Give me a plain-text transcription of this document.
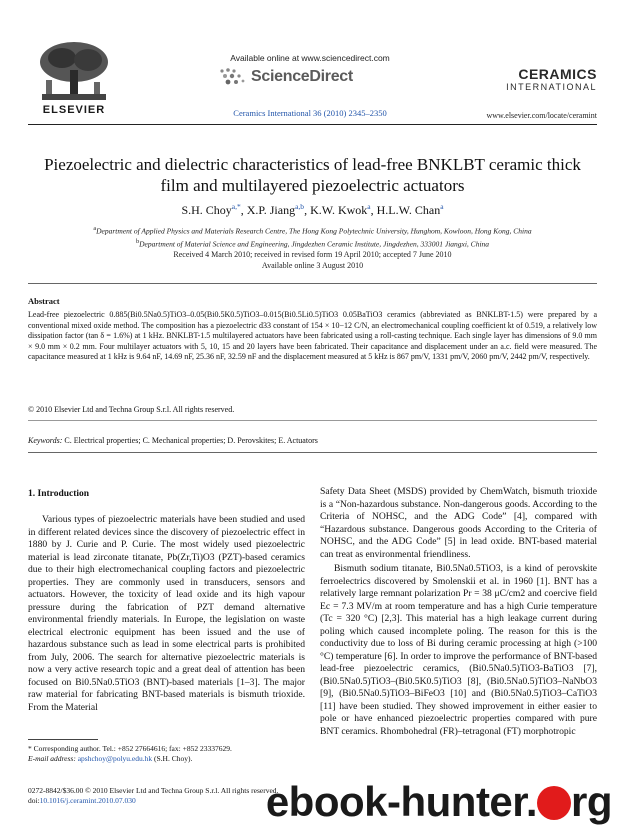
ELSEVIER
Available online at www.sciencedirect.com
ScienceDirect
Ceramics International 36 (2010) 2345–2350
CERAMICS
INTERNATIONAL
www.elsevier.com/locate/ceramint
Piezoelectric and dielectric characteristics of lead-free BNKLBT ceramic thick film and multilayered piezoelectric actuators
S.H. Choy$^{a,*}$, X.P. Jiang$^{a,b}$, K.W. Kwok$^a$, H.L.W. Chan$^a$
$^a$Department of Applied Physics and Materials Research Centre, The Hong Kong Polytechnic University, Hunghom, Kowloon, Hong Kong, China
$^b$Department of Material Science and Engineering, Jingdezhen Ceramic Institute, Jingdezhen, 333001 Jiangxi, China
Received 4 March 2010; received in revised form 19 April 2010; accepted 7 June 2010
Available online 3 August 2010
Abstract
Lead-free piezoelectric 0.885(Bi0.5Na0.5)TiO3–0.05(Bi0.5K0.5)TiO3–0.015(Bi0.5Li0.5)TiO3 0.05BaTiO3 ceramics (abbreviated as BNKLBT-1.5) were prepared by a conventional mixed oxide method. The composition has a piezoelectric d33 constant of 154 × 10−12 C/N, an electromechanical coupling coefficient kt of 0.519, a relatively low dissipation factor (tan δ = 1.6%) at 1 kHz. BNKLBT-1.5 multilayered actuators have been fabricated using a roll-casting technique. Each single layer has dimensions of 9.0 mm × 9.0 mm × 0.2 mm. Four multilayer actuators with 5, 10, 15 and 20 layers have been fabricated. Their capacitance and displacement under an a.c. field were measured. The capacitance measured at 1 kHz is 9.64 nF, 14.69 nF, 25.36 nF, 32.59 nF and the displacement measured at 5 kHz is 867 pm/V, 1331 pm/V, 2060 pm/V, 2442 pm/V, respectively.
© 2010 Elsevier Ltd and Techna Group S.r.l. All rights reserved.
Keywords: C. Electrical properties; C. Mechanical properties; D. Perovskites; E. Actuators
1. Introduction
Various types of piezoelectric materials have been studied and used in different related devices since the discovery of piezoelectric effect in 1880 by J. Curie and P. Curie. The most widely used piezoelectric material is lead zirconate titanate, Pb(Zr,Ti)O3 (PZT)-based ceramics due to their high electromechanical coupling factors and piezoelectric properties. They are commonly used in transducers, sensors and actuators. However, the toxicity of lead oxide and its high vapour pressure during the fabrication of PZT demand alternative environmental friendly materials. In Europe, the legislation on waste electrical electronic equipment has been issued and the use of hazardous substance such as lead in some electrical parts is prohibited from July, 2006. The search for alternative piezoelectric materials is now a very active research topic and a great deal of attention has been focused on Bi0.5Na0.5TiO3 (BNT)-based materials [1–3]. The major raw material for fabricating BNT-based materials is bismuth trioxide. From the Material
Safety Data Sheet (MSDS) provided by ChemWatch, bismuth trioxide is a “Non-hazardous substance. Non-dangerous goods. According to the Criteria of NOHSC, and the ADG Code” [4], compared with “Hazardous substance. Dangerous goods According to the Criteria of NOHSC, and the ADG Code” [5] in lead oxide. BNT-based material can treat as environmental friendliness.
Bismuth sodium titanate, Bi0.5Na0.5TiO3, is a kind of perovskite ferroelectrics discovered by Smolenskii et al. in 1960 [1]. BNT has a relatively large remnant polarization Pr = 38 μC/cm2 and coercive field Ec = 7.3 MV/m at room temperature and has a high Curie temperature (Tc = 320 °C) [2,3]. This material has a high leakage current during poling which caused incomplete poling. The reason for this is the conductivity due to loss of Bi during ceramic processing at high (>100 °C) temperature [6]. In order to improve the performance of BNT-based lead-free piezoelectric ceramics, (Bi0.5Na0.5)TiO3-BaTiO3 [7], (Bi0.5Na0.5)TiO3–(Bi0.5K0.5)TiO3 [8], (Bi0.5Na0.5)TiO3–NaNbO3 [9], (Bi0.5Na0.5)TiO3–BiFeO3 [10] and (Bi0.5Na0.5)TiO3–CaTiO3 [11] have been studied. They showed improvement in either easier to pole or have enhanced piezoelectric properties compared with pure BNT ceramics. Rhombohedral (FR)–tetragonal (FT) morphotropic
* Corresponding author. Tel.: +852 27664616; fax: +852 23337629.
E-mail address: apshchoy@polyu.edu.hk (S.H. Choy).
0272-8842/$36.00 © 2010 Elsevier Ltd and Techna Group S.r.l. All rights reserved.
doi:10.1016/j.ceramint.2010.07.030	ebook-hunter. rg
